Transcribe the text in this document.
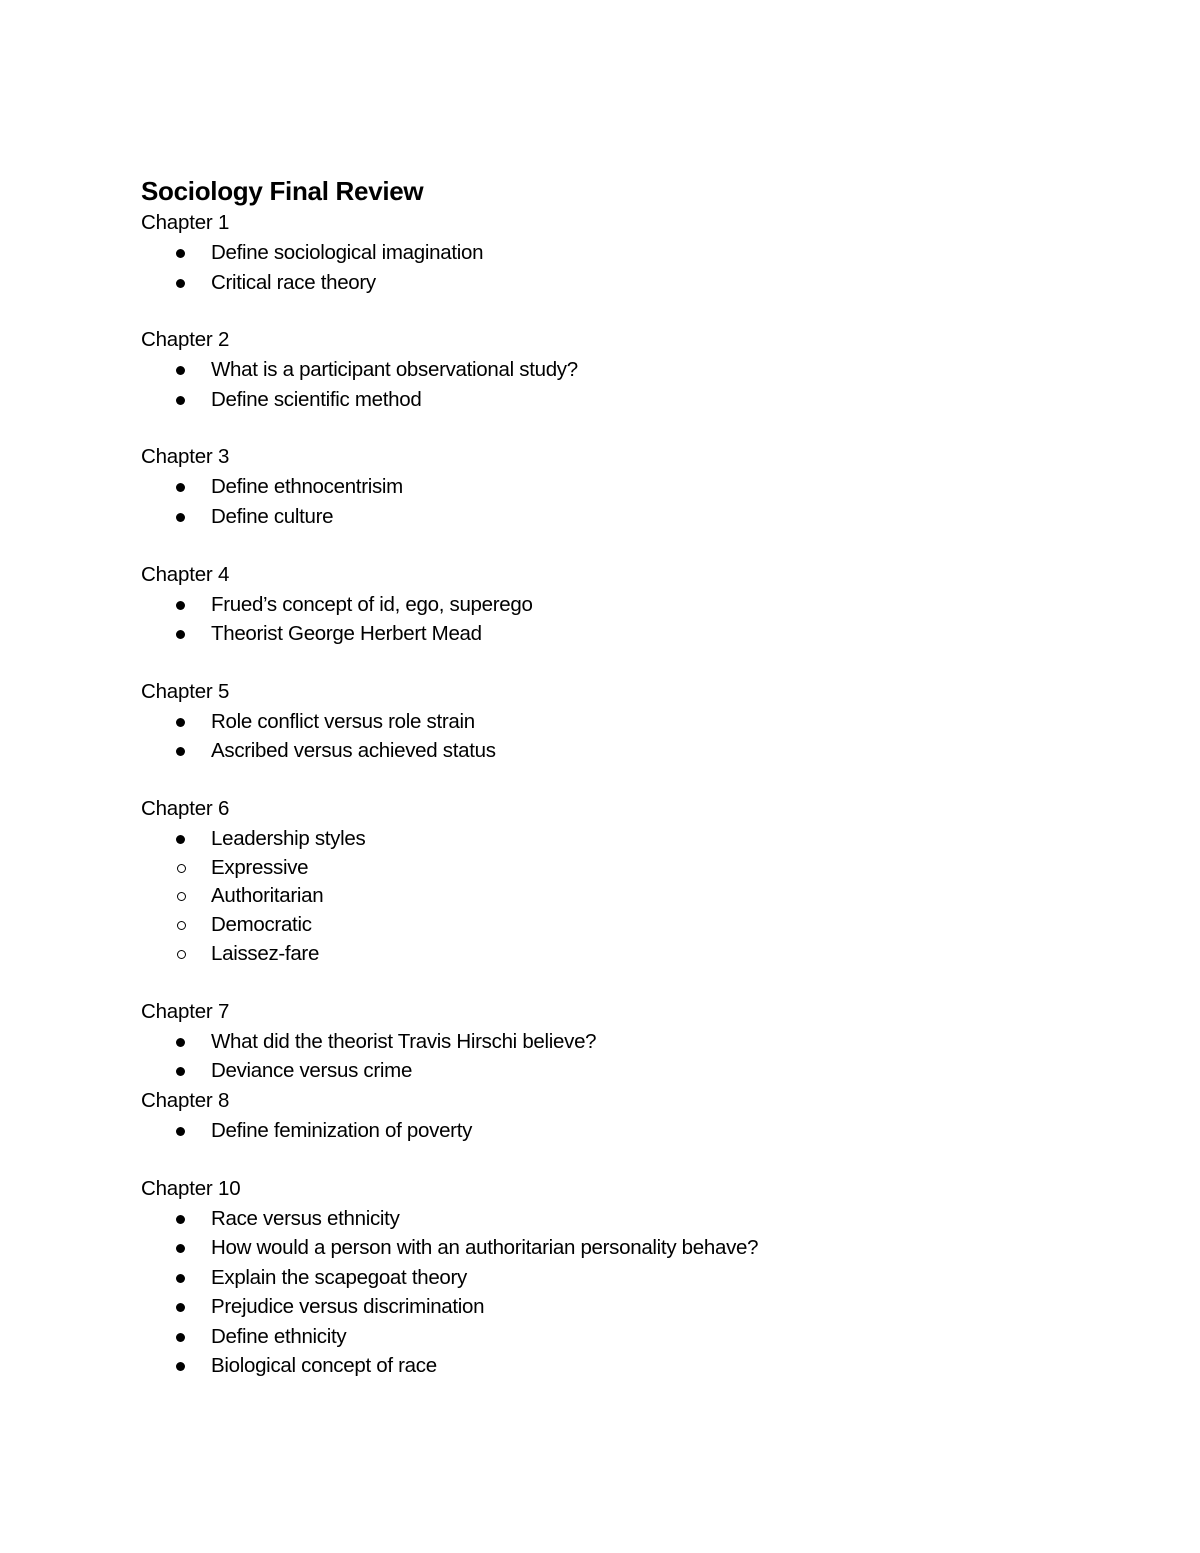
Sociology Final Review
Chapter 1
Define sociological imagination
Critical race theory
Chapter 2
What is a participant observational study?
Define scientific method
Chapter 3
Define ethnocentrisim
Define culture
Chapter 4
Frued’s concept of id, ego, superego
Theorist George Herbert Mead
Chapter 5
Role conflict versus role strain
Ascribed versus achieved status
Chapter 6
Leadership styles
Expressive
Authoritarian
Democratic
Laissez-fare
Chapter 7
What did the theorist Travis Hirschi believe?
Deviance versus crime
Chapter 8
Define feminization of poverty
Chapter 10
Race versus ethnicity
How would a person with an authoritarian personality behave?
Explain the scapegoat theory
Prejudice versus discrimination
Define ethnicity
Biological concept of race
